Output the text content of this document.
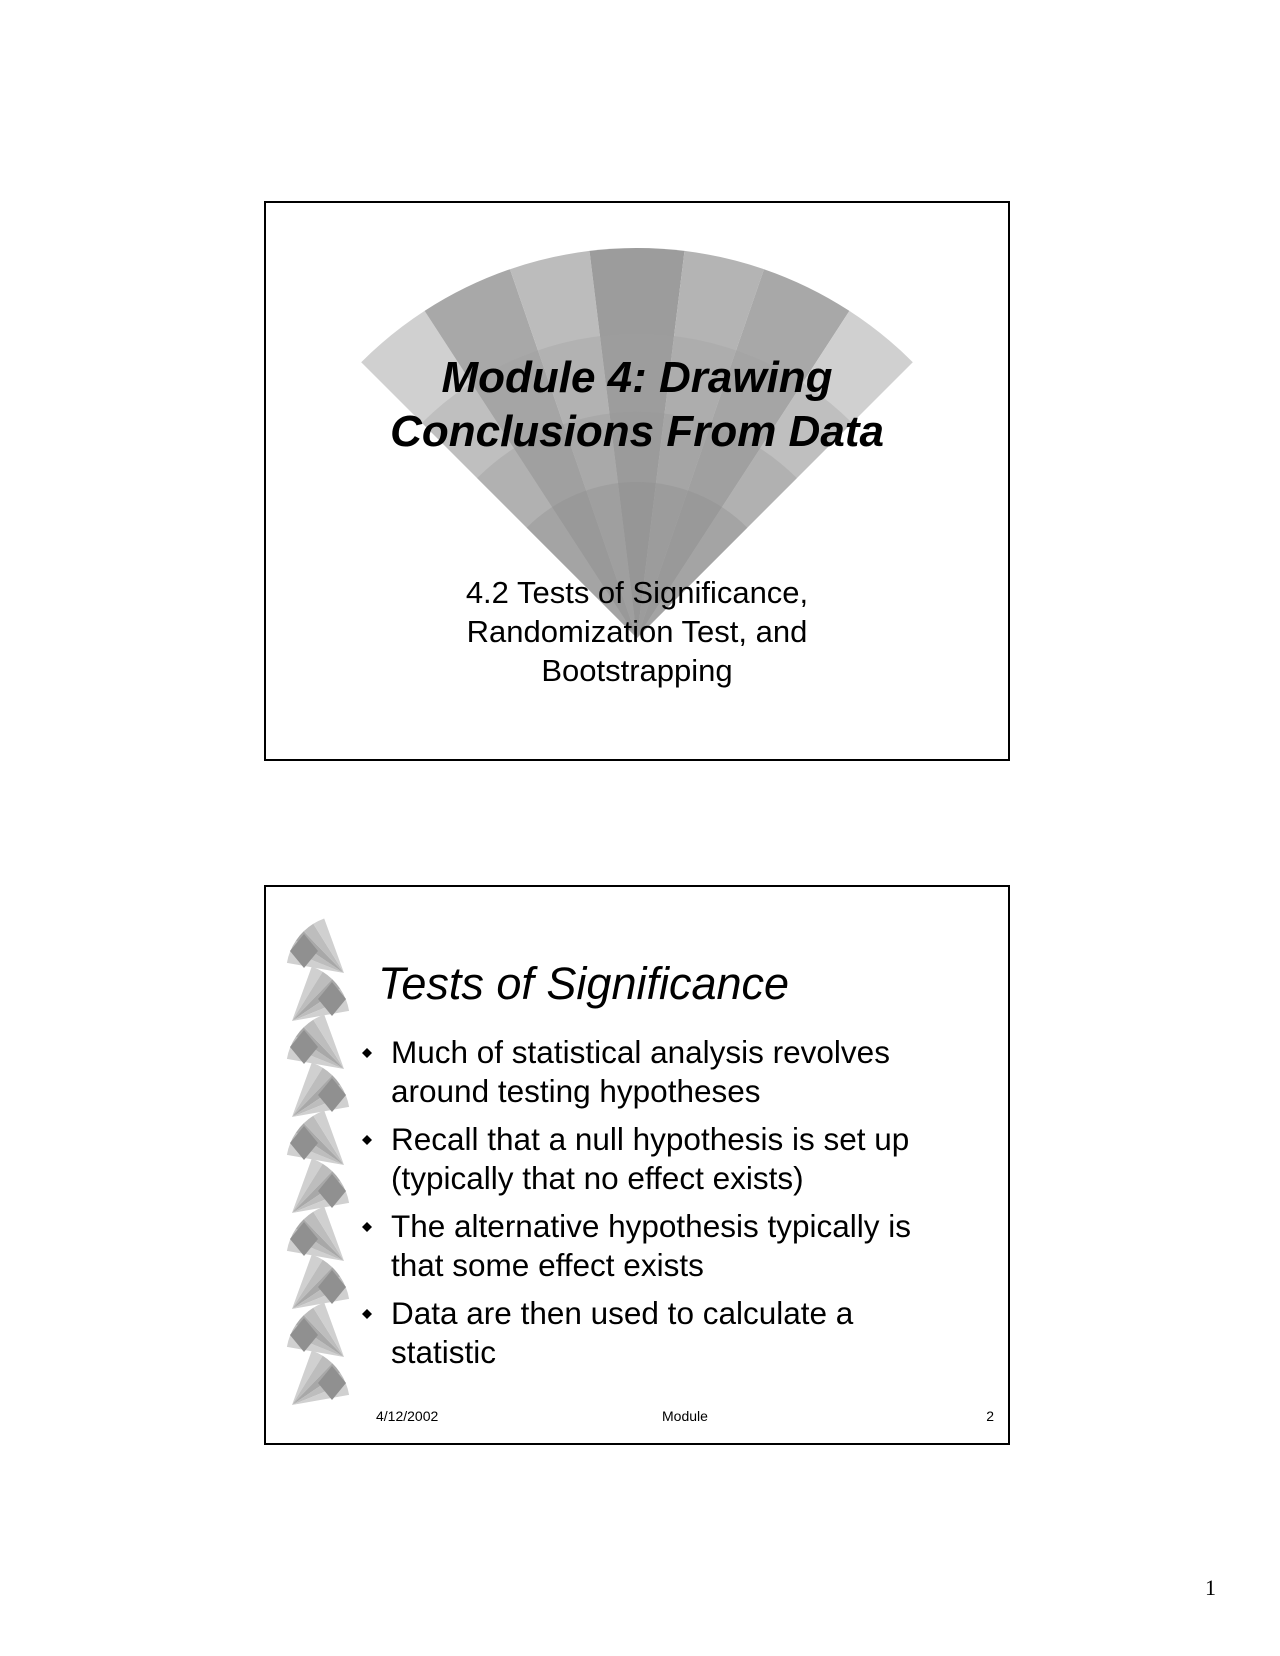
Module 4: Drawing
Conclusions From Data

4.2 Tests of Significance,
Randomization Test, and
Bootstrapping

Tests of Significance
Much of statistical analysis revolves
around testing hypotheses
Recall that a null hypothesis is set up
(typically that no effect exists)
The alternative hypothesis typically is
that some effect exists
Data are then used to calculate a
statistic
4/12/2002	Module	2
1
